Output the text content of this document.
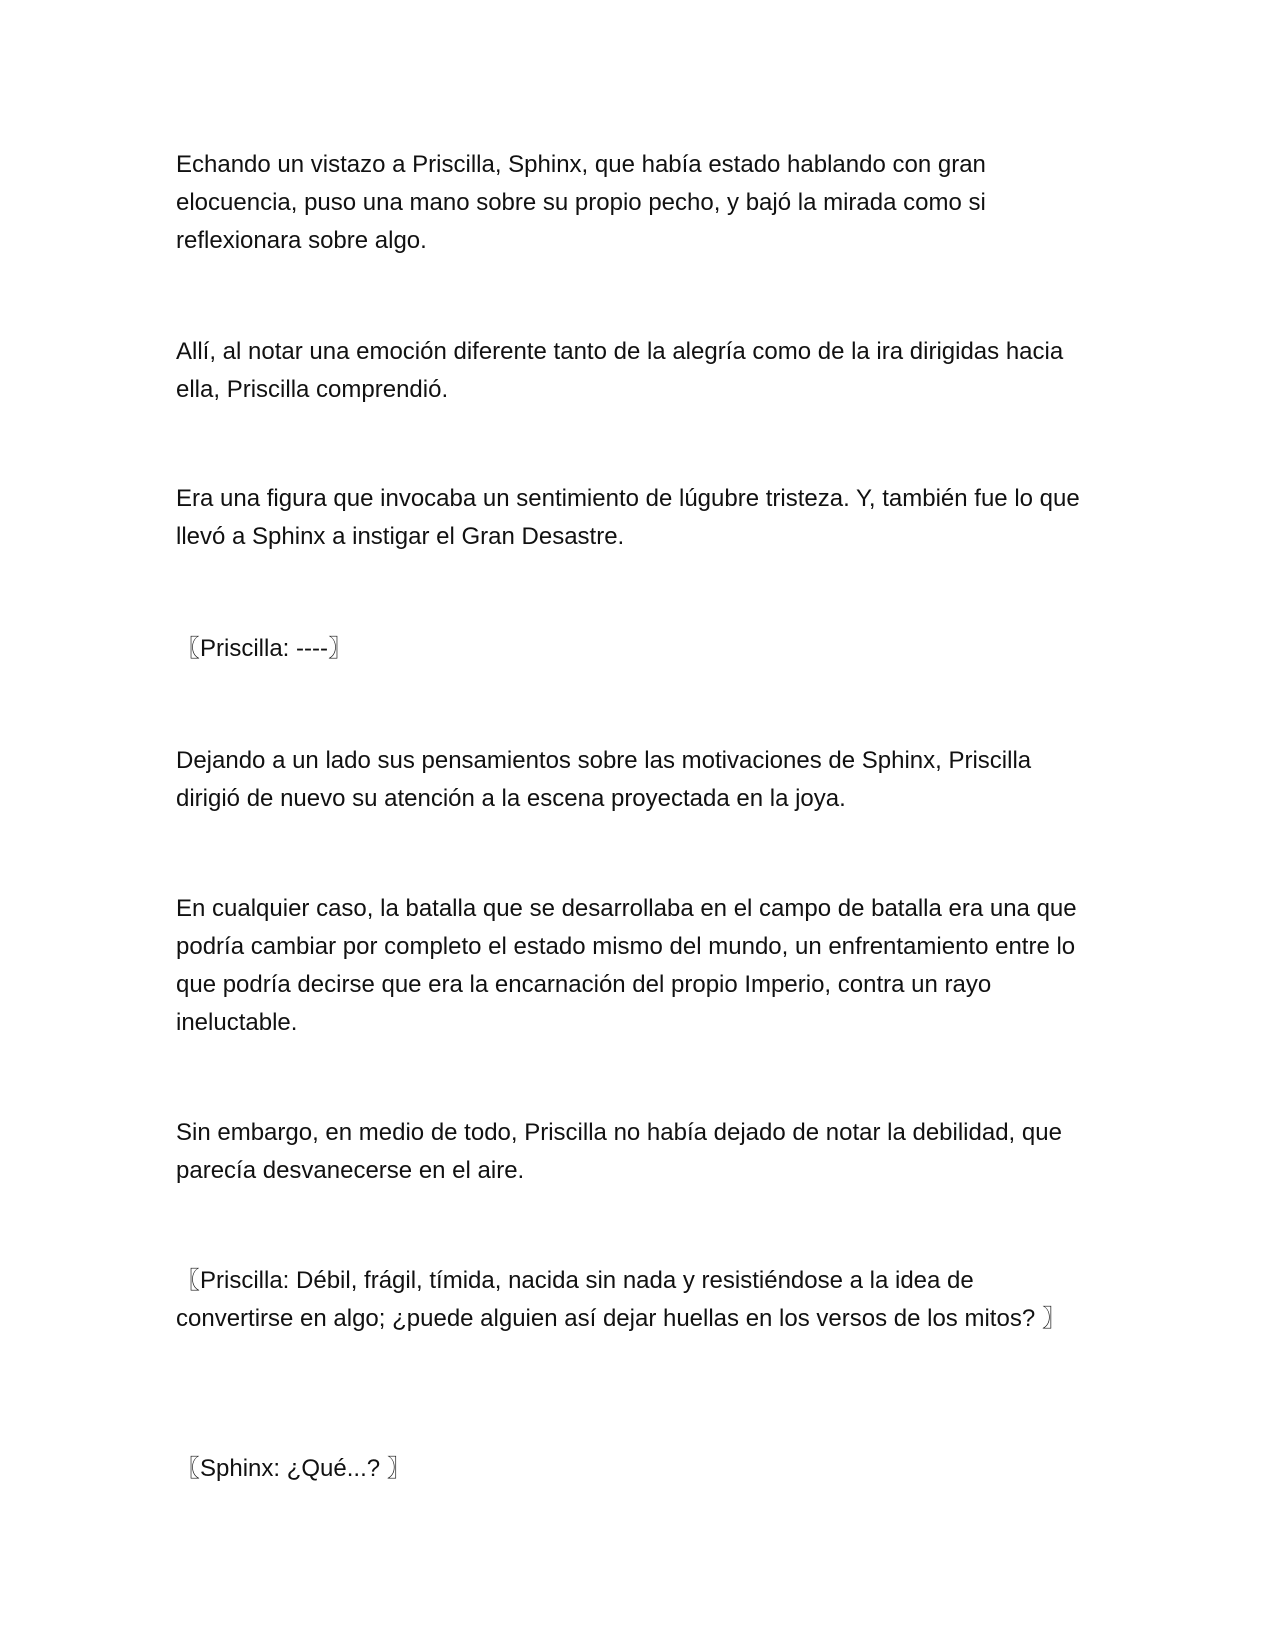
Echando un vistazo a Priscilla, Sphinx, que había estado hablando con gran elocuencia, puso una mano sobre su propio pecho, y bajó la mirada como si reflexionara sobre algo.

Allí, al notar una emoción diferente tanto de la alegría como de la ira dirigidas hacia ella, Priscilla comprendió.

Era una figura que invocaba un sentimiento de lúgubre tristeza. Y, también fue lo que llevó a Sphinx a instigar el Gran Desastre.

〖Priscilla: ----〗

Dejando a un lado sus pensamientos sobre las motivaciones de Sphinx, Priscilla dirigió de nuevo su atención a la escena proyectada en la joya.

En cualquier caso, la batalla que se desarrollaba en el campo de batalla era una que podría cambiar por completo el estado mismo del mundo, un enfrentamiento entre lo que podría decirse que era la encarnación del propio Imperio, contra un rayo ineluctable.

Sin embargo, en medio de todo, Priscilla no había dejado de notar la debilidad, que parecía desvanecerse en el aire.

〖Priscilla: Débil, frágil, tímida, nacida sin nada y resistiéndose a la idea de convertirse en algo; ¿puede alguien así dejar huellas en los versos de los mitos? 〗

〖Sphinx: ¿Qué...? 〗
